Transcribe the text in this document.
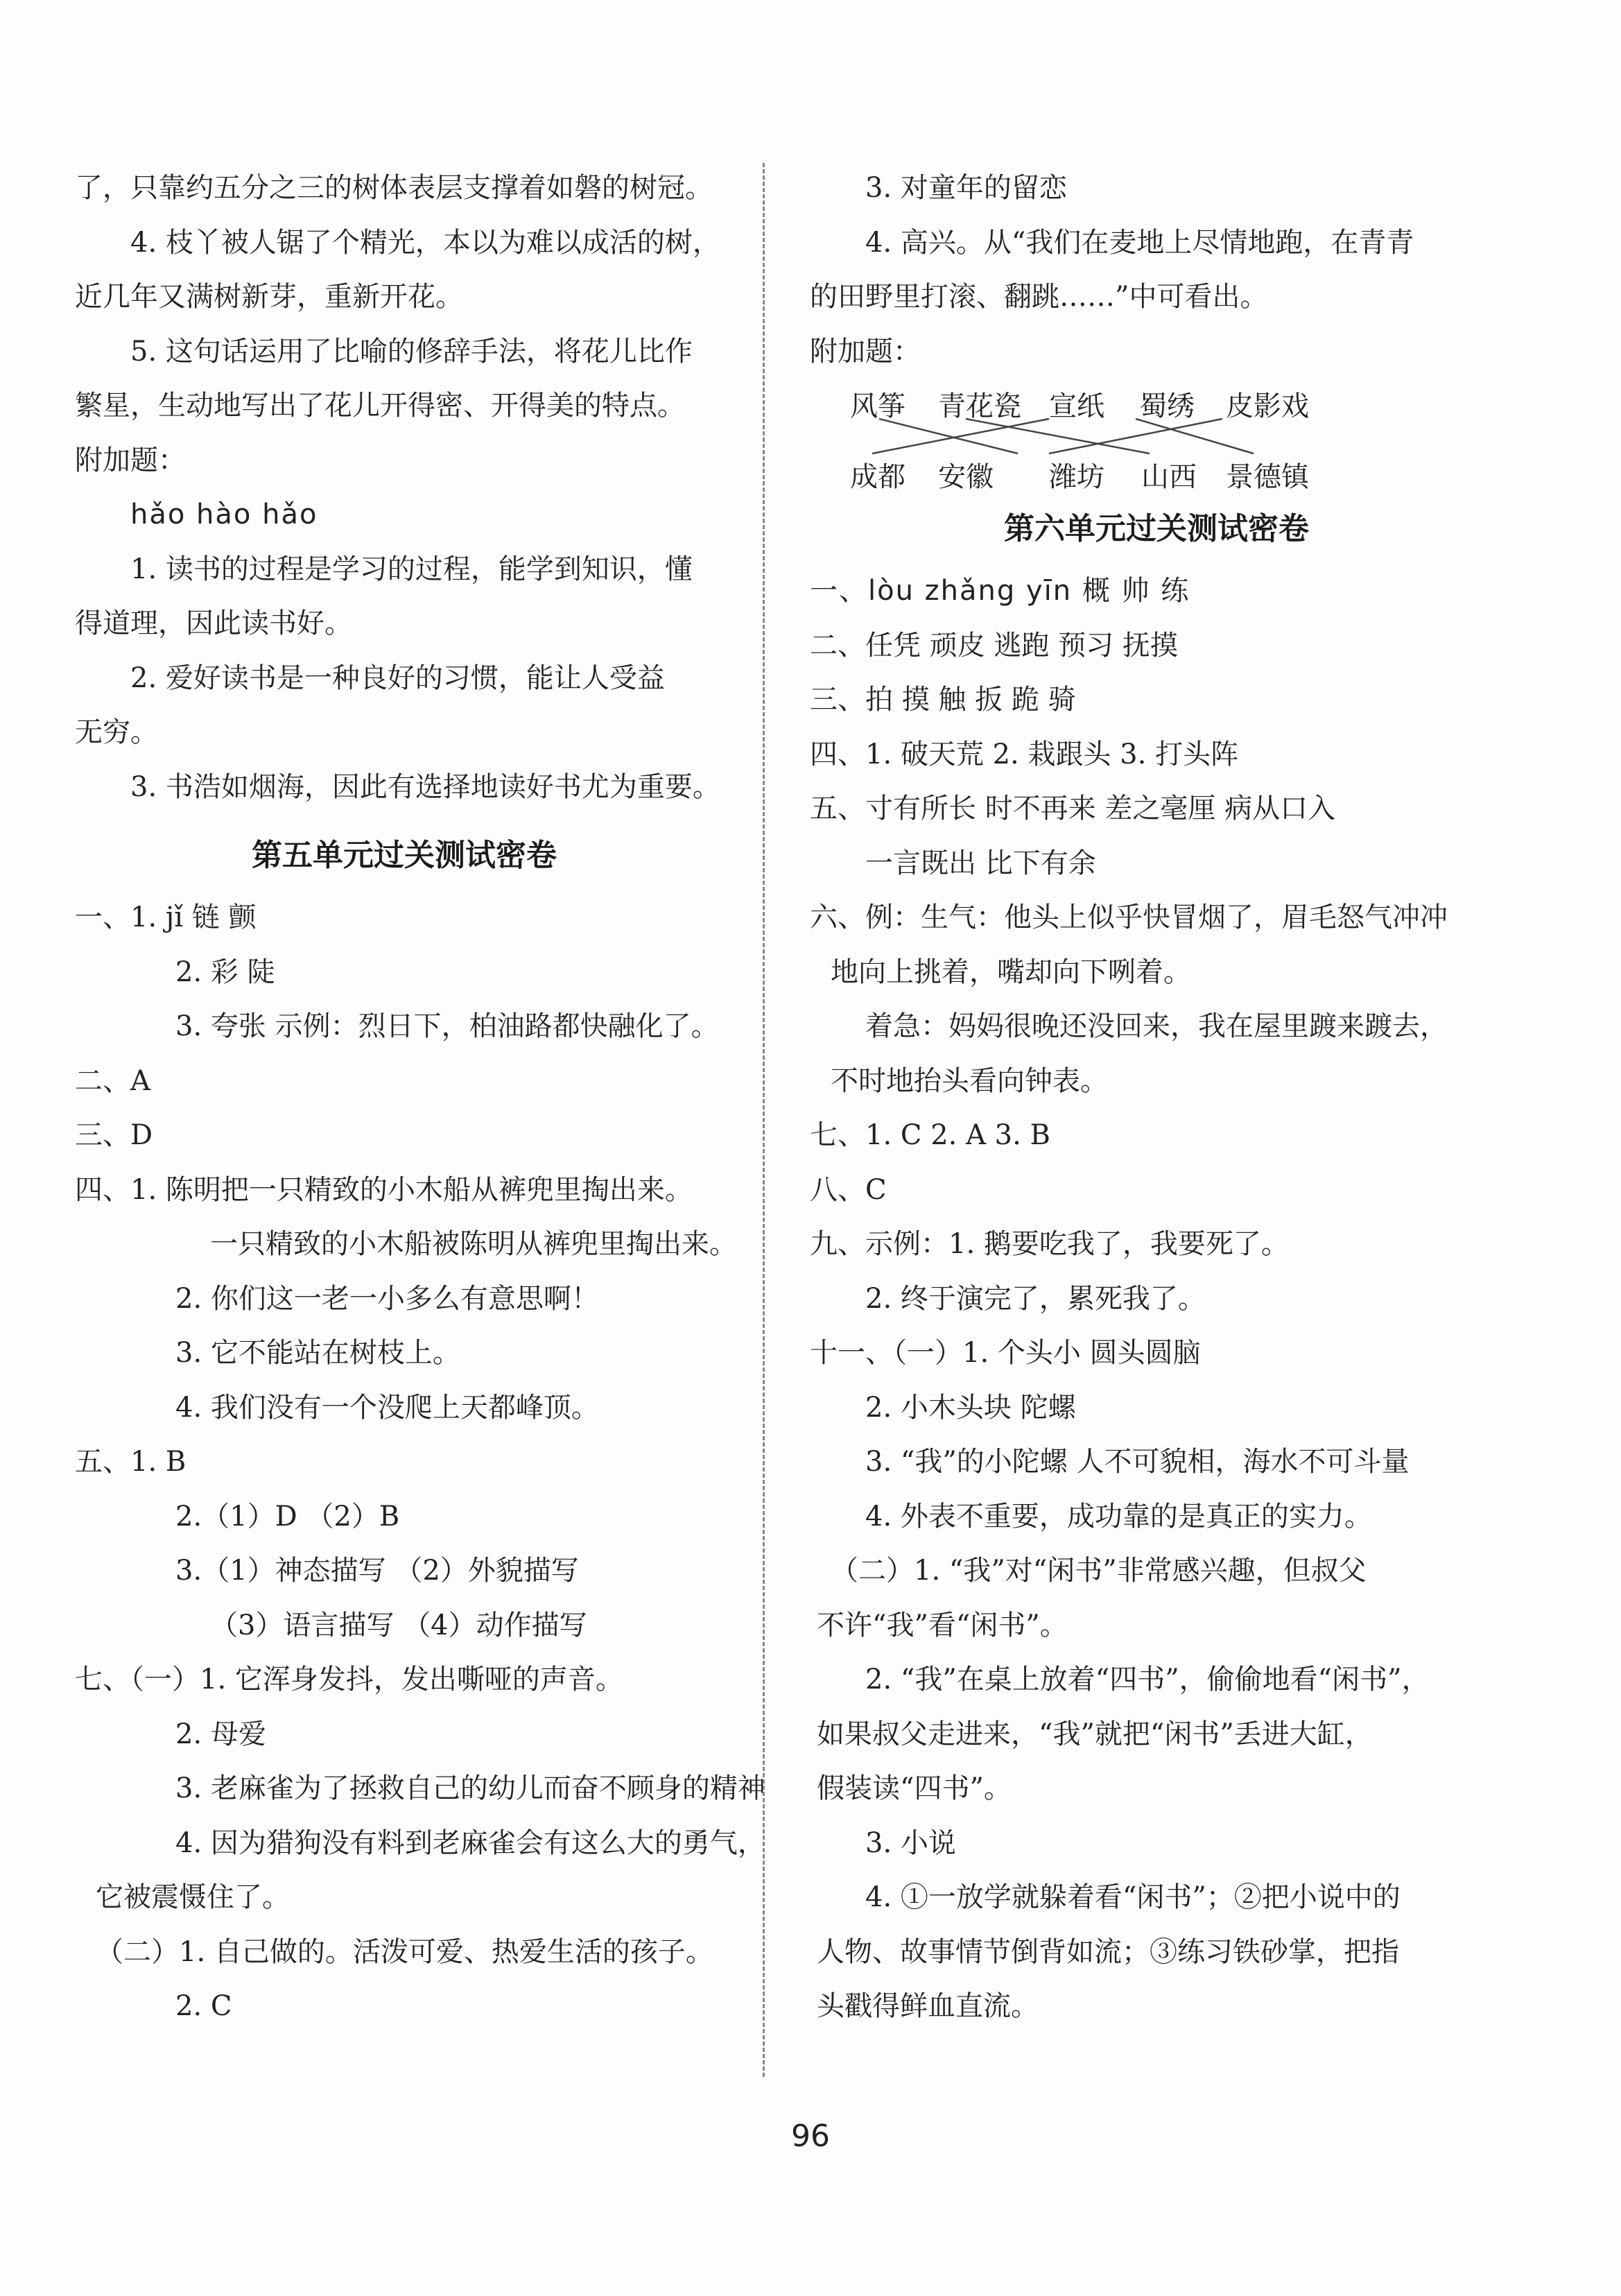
了，只靠约五分之三的树体表层支撑着如磐的树冠。
4. 枝丫被人锯了个精光，本以为难以成活的树，
近几年又满树新芽，重新开花。
5. 这句话运用了比喻的修辞手法，将花儿比作
繁星，生动地写出了花儿开得密、开得美的特点。
附加题：
hǎo hào hǎo
1. 读书的过程是学习的过程，能学到知识，懂
得道理，因此读书好。
2. 爱好读书是一种良好的习惯，能让人受益
无穷。
3. 书浩如烟海，因此有选择地读好书尤为重要。
第五单元过关测试密卷
一、1. jǐ 链 颤
2. 彩 陡
3. 夸张 示例：烈日下，柏油路都快融化了。
二、A
三、D
四、1. 陈明把一只精致的小木船从裤兜里掏出来。
一只精致的小木船被陈明从裤兜里掏出来。
2. 你们这一老一小多么有意思啊！
3. 它不能站在树枝上。
4. 我们没有一个没爬上天都峰顶。
五、1. B
2.（1）D （2）B
3.（1）神态描写 （2）外貌描写
（3）语言描写 （4）动作描写
七、（一）1. 它浑身发抖，发出嘶哑的声音。
2. 母爱
3. 老麻雀为了拯救自己的幼儿而奋不顾身的精神
4. 因为猎狗没有料到老麻雀会有这么大的勇气，
它被震慑住了。
（二）1. 自己做的。活泼可爱、热爱生活的孩子。
2. C
3. 对童年的留恋
4. 高兴。从“我们在麦地上尽情地跑，在青青
的田野里打滚、翻跳……”中可看出。
附加题：
风筝 青花瓷 宣纸 蜀绣 皮影戏
成都 安徽 潍坊 山西 景德镇
第六单元过关测试密卷
一、lòu zhǎng yīn 概 帅 练
二、任凭 顽皮 逃跑 预习 抚摸
三、拍 摸 触 扳 跪 骑
四、1. 破天荒 2. 栽跟头 3. 打头阵
五、寸有所长 时不再来 差之毫厘 病从口入
一言既出 比下有余
六、例：生气：他头上似乎快冒烟了，眉毛怒气冲冲
地向上挑着，嘴却向下咧着。
着急：妈妈很晚还没回来，我在屋里踱来踱去，
不时地抬头看向钟表。
七、1. C 2. A 3. B
八、C
九、示例：1. 鹅要吃我了，我要死了。
2. 终于演完了，累死我了。
十一、（一）1. 个头小 圆头圆脑
2. 小木头块 陀螺
3. “我”的小陀螺 人不可貌相，海水不可斗量
4. 外表不重要，成功靠的是真正的实力。
（二）1. “我”对“闲书”非常感兴趣，但叔父
不许“我”看“闲书”。
2. “我”在桌上放着“四书”，偷偷地看“闲书”，
如果叔父走进来，“我”就把“闲书”丢进大缸，
假装读“四书”。
3. 小说
4. ①一放学就躲着看“闲书”；②把小说中的
人物、故事情节倒背如流；③练习铁砂掌，把指
头戳得鲜血直流。
96
